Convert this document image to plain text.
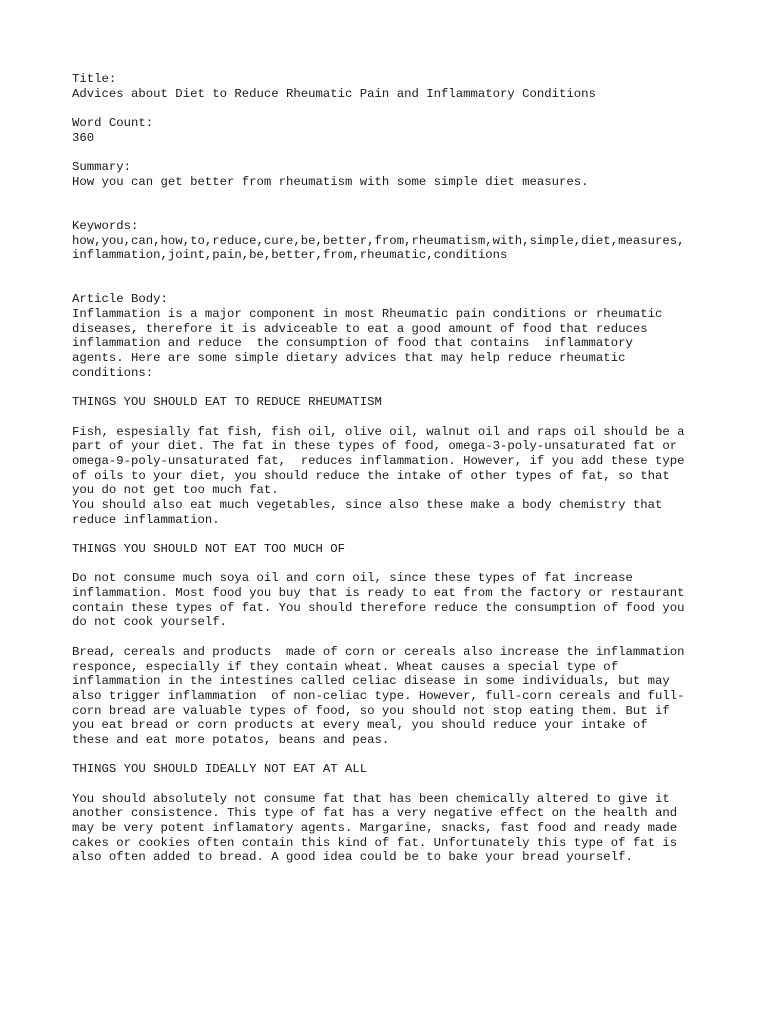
Title:
Advices about Diet to Reduce Rheumatic Pain and Inflammatory Conditions
Word Count:
360
Summary:
How you can get better from rheumatism with some simple diet measures.
Keywords:
how,you,can,how,to,reduce,cure,be,better,from,rheumatism,with,simple,diet,measures,
inflammation,joint,pain,be,better,from,rheumatic,conditions
Article Body:
Inflammation is a major component in most Rheumatic pain conditions or rheumatic
diseases, therefore it is adviceable to eat a good amount of food that reduces
inflammation and reduce  the consumption of food that contains  inflammatory
agents. Here are some simple dietary advices that may help reduce rheumatic
conditions:
THINGS YOU SHOULD EAT TO REDUCE RHEUMATISM
Fish, espesially fat fish, fish oil, olive oil, walnut oil and raps oil should be a
part of your diet. The fat in these types of food, omega-3-poly-unsaturated fat or
omega-9-poly-unsaturated fat,  reduces inflammation. However, if you add these type
of oils to your diet, you should reduce the intake of other types of fat, so that
you do not get too much fat.
You should also eat much vegetables, since also these make a body chemistry that
reduce inflammation.
THINGS YOU SHOULD NOT EAT TOO MUCH OF
Do not consume much soya oil and corn oil, since these types of fat increase
inflammation. Most food you buy that is ready to eat from the factory or restaurant
contain these types of fat. You should therefore reduce the consumption of food you
do not cook yourself.
Bread, cereals and products  made of corn or cereals also increase the inflammation
responce, especially if they contain wheat. Wheat causes a special type of
inflammation in the intestines called celiac disease in some individuals, but may
also trigger inflammation  of non-celiac type. However, full-corn cereals and full-
corn bread are valuable types of food, so you should not stop eating them. But if
you eat bread or corn products at every meal, you should reduce your intake of
these and eat more potatos, beans and peas.
THINGS YOU SHOULD IDEALLY NOT EAT AT ALL
You should absolutely not consume fat that has been chemically altered to give it
another consistence. This type of fat has a very negative effect on the health and
may be very potent inflamatory agents. Margarine, snacks, fast food and ready made
cakes or cookies often contain this kind of fat. Unfortunately this type of fat is
also often added to bread. A good idea could be to bake your bread yourself.
